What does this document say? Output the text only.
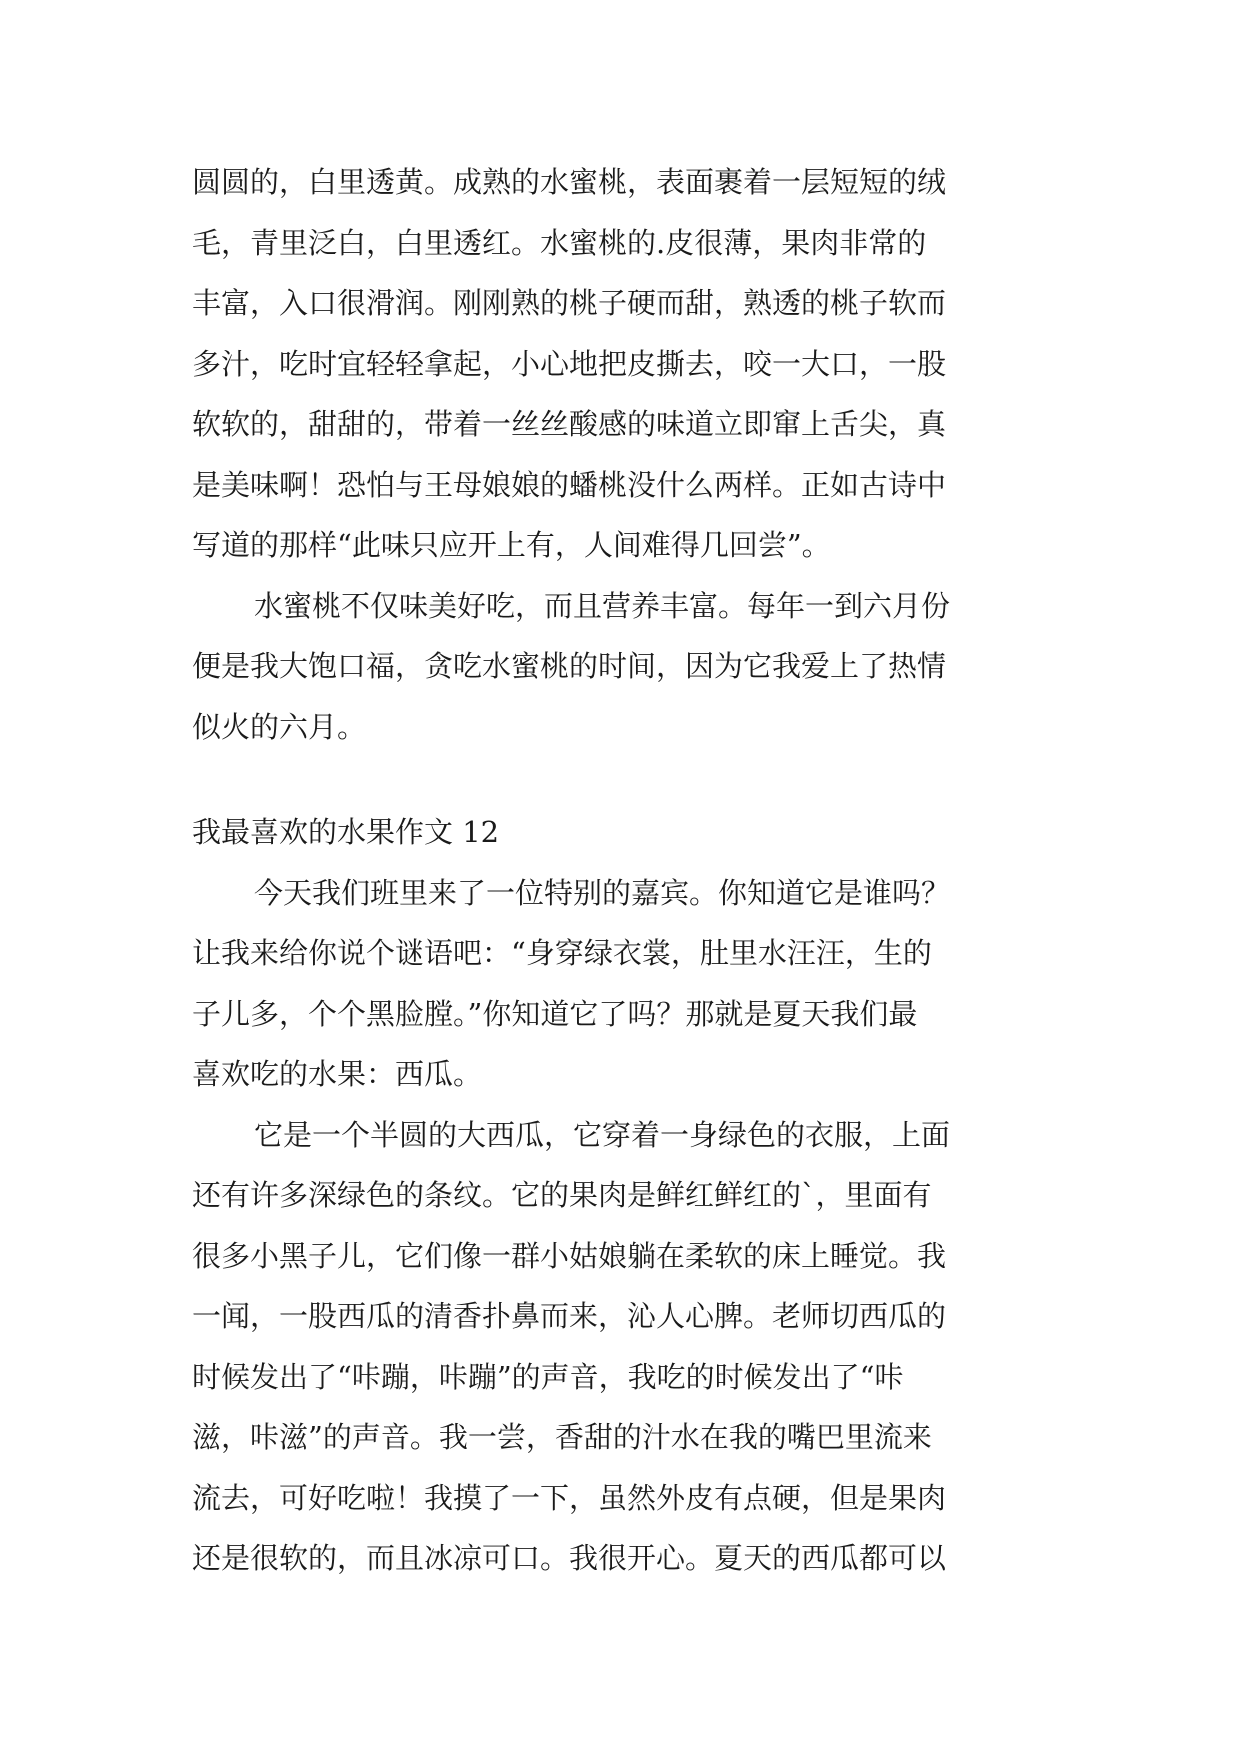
圆圆的，白里透黄。成熟的水蜜桃，表面裹着一层短短的绒
毛，青里泛白，白里透红。水蜜桃的.皮很薄，果肉非常的
丰富，入口很滑润。刚刚熟的桃子硬而甜，熟透的桃子软而
多汁，吃时宜轻轻拿起，小心地把皮撕去，咬一大口，一股
软软的，甜甜的，带着一丝丝酸感的味道立即窜上舌尖，真
是美味啊！恐怕与王母娘娘的蟠桃没什么两样。正如古诗中
写道的那样“此味只应开上有，人间难得几回尝”。
水蜜桃不仅味美好吃，而且营养丰富。每年一到六月份
便是我大饱口福，贪吃水蜜桃的时间，因为它我爱上了热情
似火的六月。
我最喜欢的水果作文 12
今天我们班里来了一位特别的嘉宾。你知道它是谁吗？
让我来给你说个谜语吧：“身穿绿衣裳，肚里水汪汪，生的
子儿多，个个黑脸膛。”你知道它了吗？那就是夏天我们最
喜欢吃的水果：西瓜。
它是一个半圆的大西瓜，它穿着一身绿色的衣服，上面
还有许多深绿色的条纹。它的果肉是鲜红鲜红的`，里面有
很多小黑子儿，它们像一群小姑娘躺在柔软的床上睡觉。我
一闻，一股西瓜的清香扑鼻而来，沁人心脾。老师切西瓜的
时候发出了“咔蹦，咔蹦”的声音，我吃的时候发出了“咔
滋，咔滋”的声音。我一尝，香甜的汁水在我的嘴巴里流来
流去，可好吃啦！我摸了一下，虽然外皮有点硬，但是果肉
还是很软的，而且冰凉可口。我很开心。夏天的西瓜都可以
